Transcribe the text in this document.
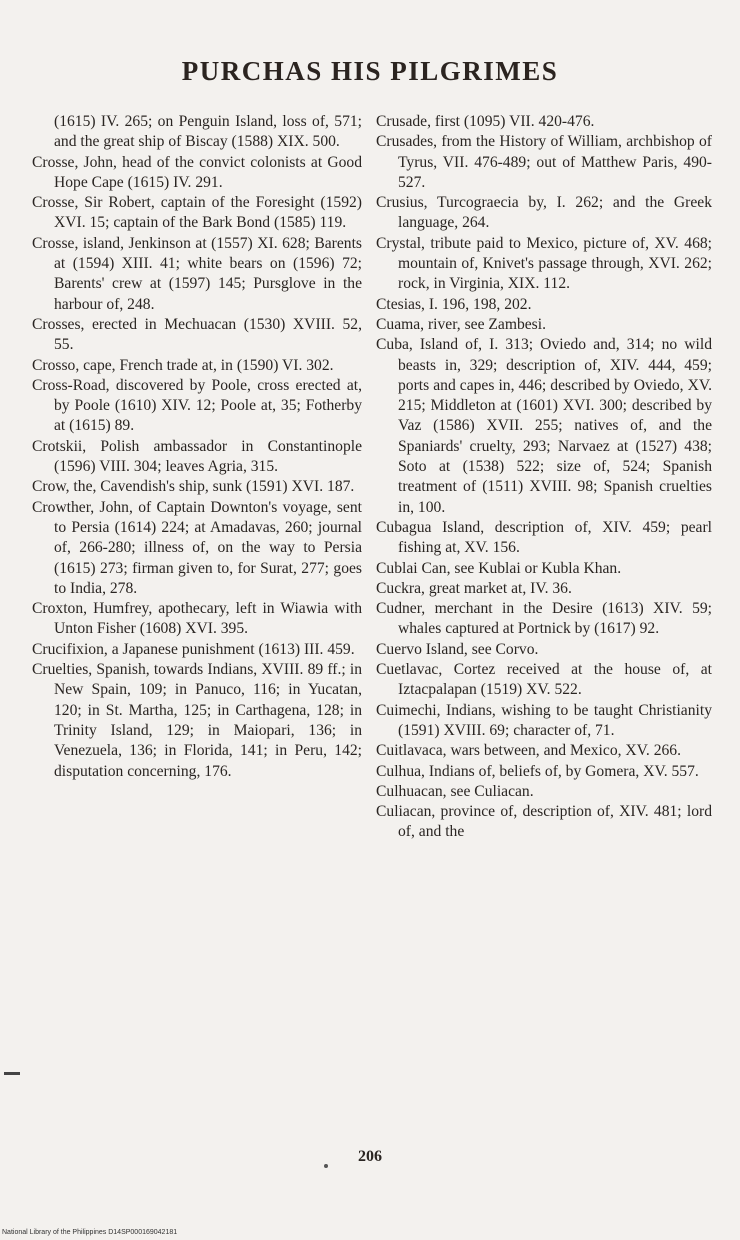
PURCHAS HIS PILGRIMES

(1615) IV. 265; on Penguin Island, loss of, 571; and the great ship of Biscay (1588) XIX. 500.

Crosse, John, head of the convict colonists at Good Hope Cape (1615) IV. 291.

Crosse, Sir Robert, captain of the Foresight (1592) XVI. 15; captain of the Bark Bond (1585) 119.

Crosse, island, Jenkinson at (1557) XI. 628; Barents at (1594) XIII. 41; white bears on (1596) 72; Barents' crew at (1597) 145; Pursglove in the harbour of, 248.

Crosses, erected in Mechuacan (1530) XVIII. 52, 55.

Crosso, cape, French trade at, in (1590) VI. 302.

Cross-Road, discovered by Poole, cross erected at, by Poole (1610) XIV. 12; Poole at, 35; Fotherby at (1615) 89.

Crotskii, Polish ambassador in Constantinople (1596) VIII. 304; leaves Agria, 315.

Crow, the, Cavendish's ship, sunk (1591) XVI. 187.

Crowther, John, of Captain Downton's voyage, sent to Persia (1614) 224; at Amadavas, 260; journal of, 266-280; illness of, on the way to Persia (1615) 273; firman given to, for Surat, 277; goes to India, 278.

Croxton, Humfrey, apothecary, left in Wiawia with Unton Fisher (1608) XVI. 395.

Crucifixion, a Japanese punishment (1613) III. 459.

Cruelties, Spanish, towards Indians, XVIII. 89 ff.; in New Spain, 109; in Panuco, 116; in Yucatan, 120; in St. Martha, 125; in Carthagena, 128; in Trinity Island, 129; in Maiopari, 136; in Venezuela, 136; in Florida, 141; in Peru, 142; disputation concerning, 176.

Crusade, first (1095) VII. 420-476.

Crusades, from the History of William, archbishop of Tyrus, VII. 476-489; out of Matthew Paris, 490-527.

Crusius, Turcograecia by, I. 262; and the Greek language, 264.

Crystal, tribute paid to Mexico, picture of, XV. 468; mountain of, Knivet's passage through, XVI. 262; rock, in Virginia, XIX. 112.

Ctesias, I. 196, 198, 202.

Cuama, river, see Zambesi.

Cuba, Island of, I. 313; Oviedo and, 314; no wild beasts in, 329; description of, XIV. 444, 459; ports and capes in, 446; described by Oviedo, XV. 215; Middleton at (1601) XVI. 300; described by Vaz (1586) XVII. 255; natives of, and the Spaniards' cruelty, 293; Narvaez at (1527) 438; Soto at (1538) 522; size of, 524; Spanish treatment of (1511) XVIII. 98; Spanish cruelties in, 100.

Cubagua Island, description of, XIV. 459; pearl fishing at, XV. 156.

Cublai Can, see Kublai or Kubla Khan.

Cuckra, great market at, IV. 36.

Cudner, merchant in the Desire (1613) XIV. 59; whales captured at Portnick by (1617) 92.

Cuervo Island, see Corvo.

Cuetlavac, Cortez received at the house of, at Iztacpalapan (1519) XV. 522.

Cuimechi, Indians, wishing to be taught Christianity (1591) XVIII. 69; character of, 71.

Cuitlavaca, wars between, and Mexico, XV. 266.

Culhua, Indians of, beliefs of, by Gomera, XV. 557.

Culhuacan, see Culiacan.

Culiacan, province of, description of, XIV. 481; lord of, and the

206
National Library of the Philippines D14SP000169042181
